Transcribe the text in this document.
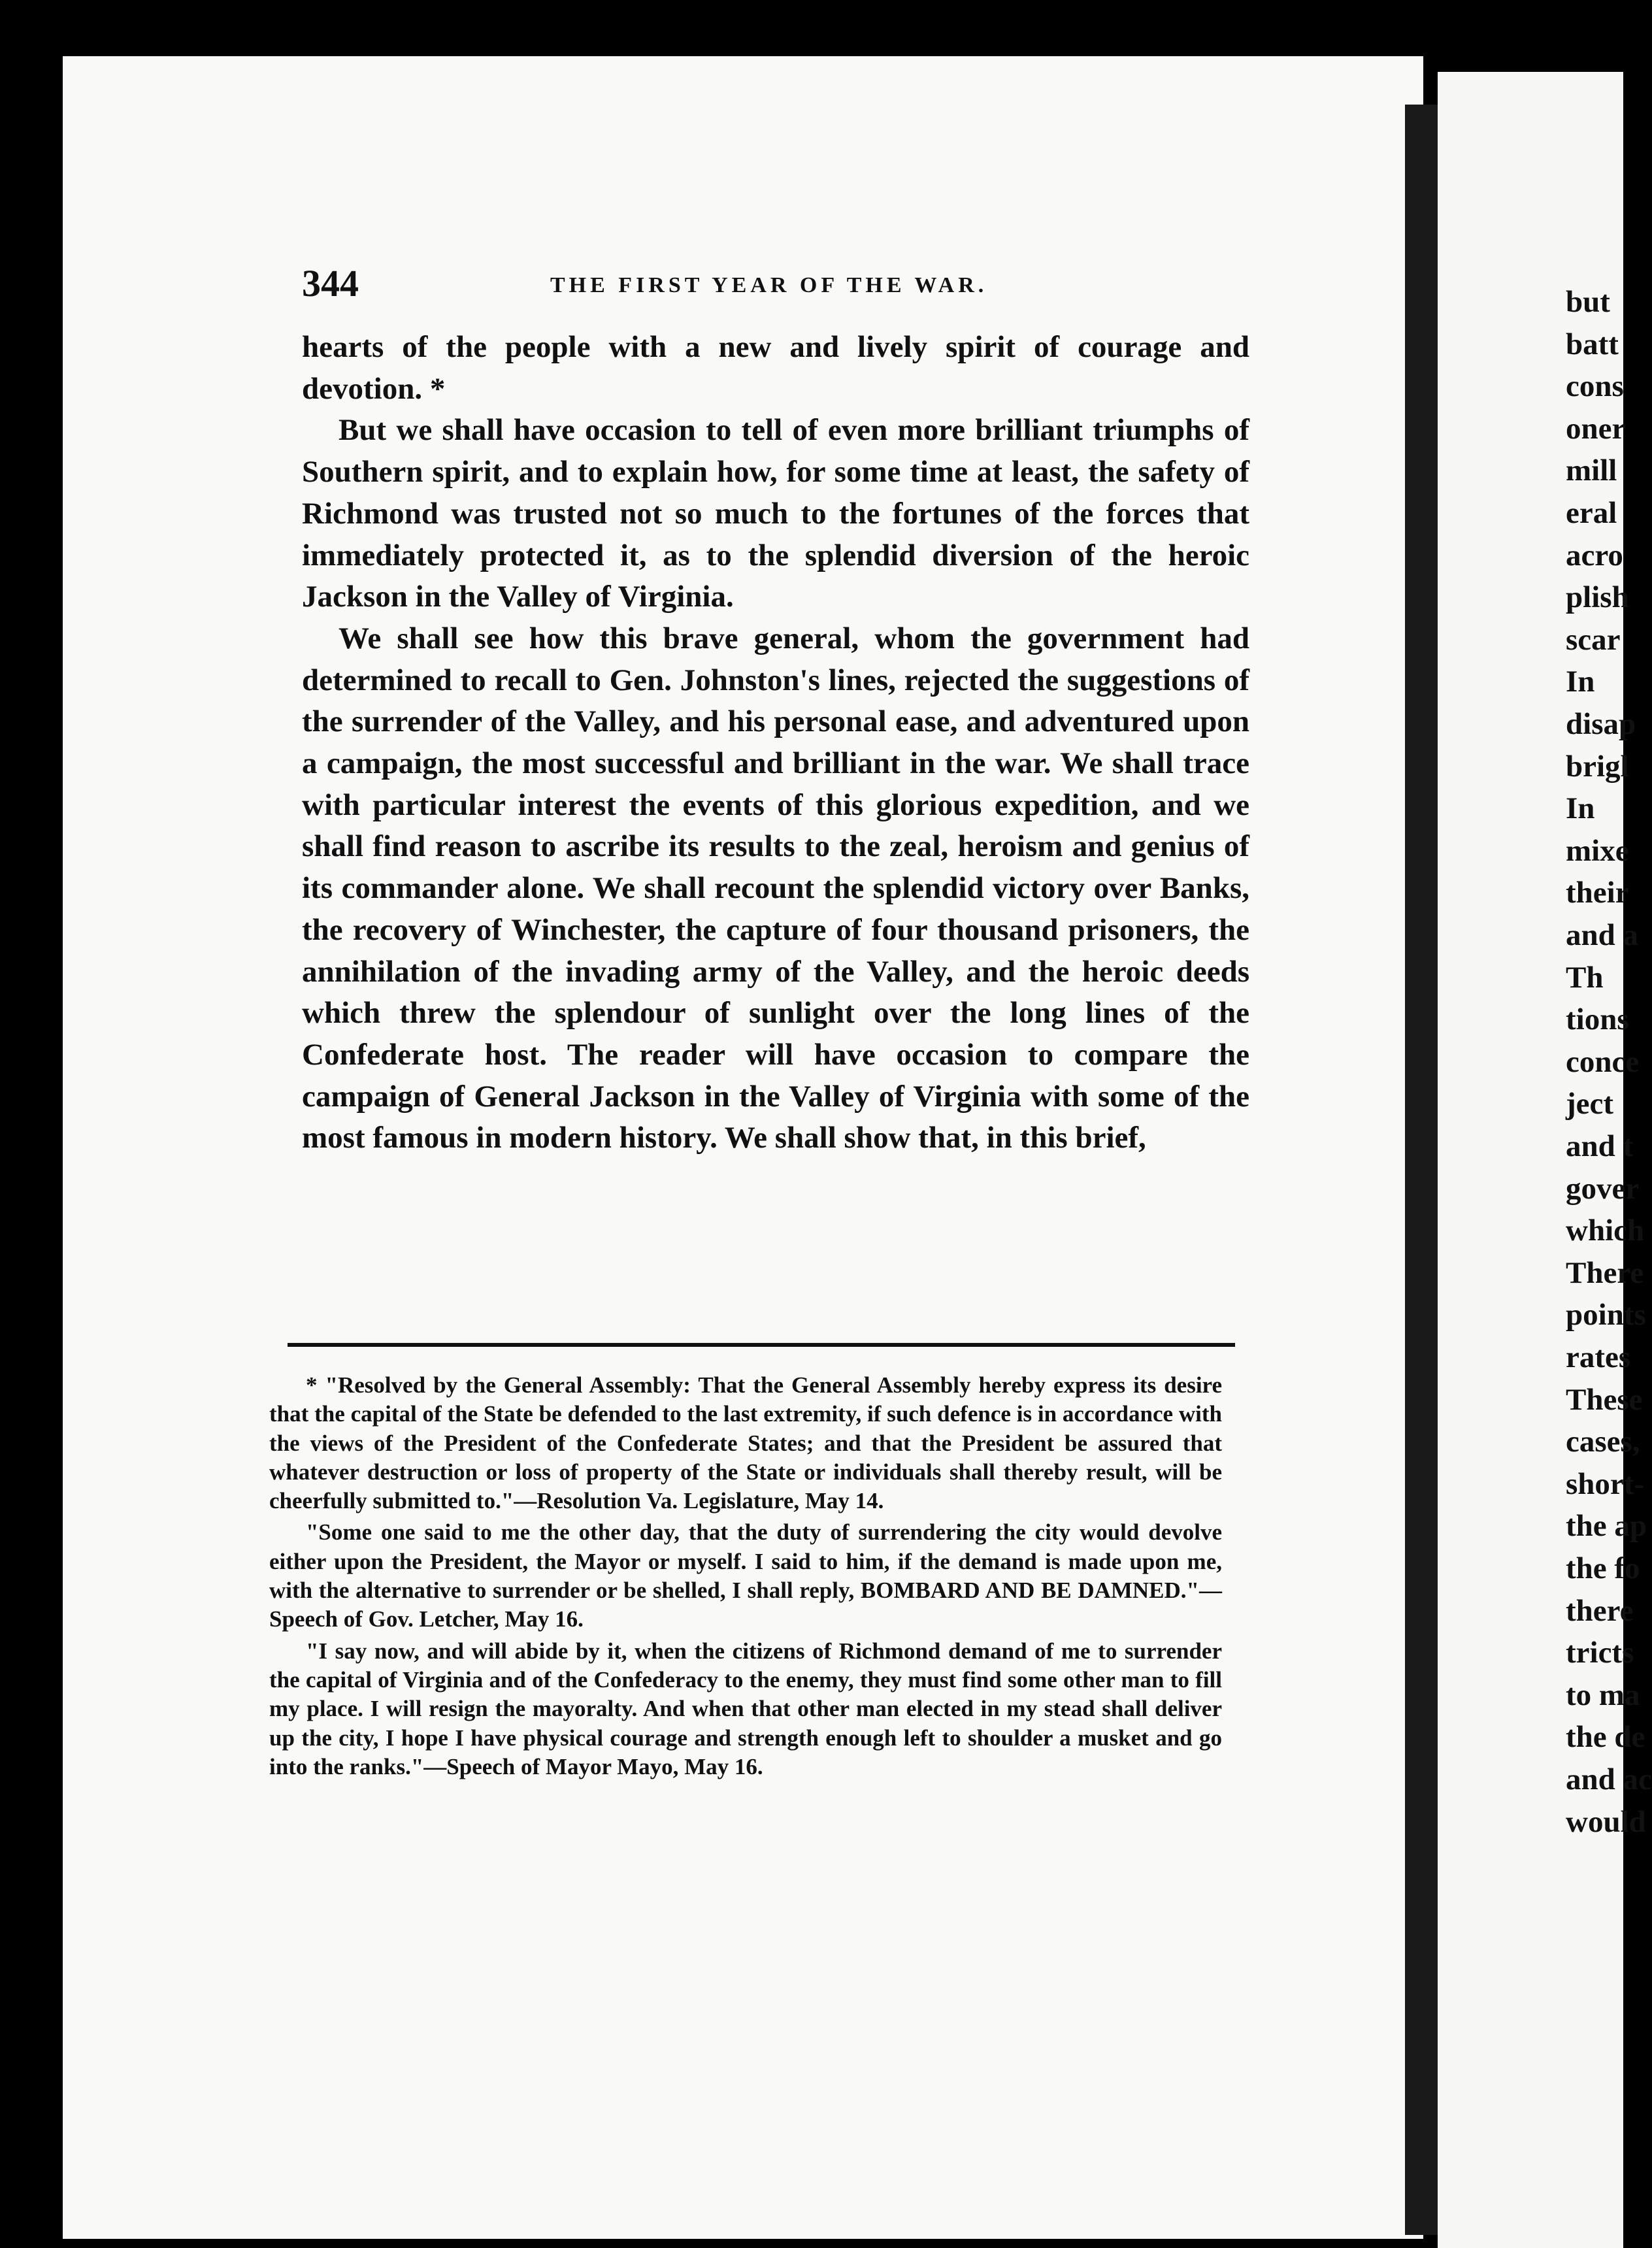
but
batt
cons
oner
mill
eral
acro
plish
scar
In
disap
brigl
In
mixe
their
and a
Th
tions
conce
ject
and t
gover
which
There
points
rates
These
cases,
short-
the ap
the fo
there
tricts
to ma
the de
and ac
would
344	THE FIRST YEAR OF THE WAR.

hearts of the people with a new and lively spirit of courage and devotion. *

But we shall have occasion to tell of even more brilliant triumphs of Southern spirit, and to explain how, for some time at least, the safety of Richmond was trusted not so much to the fortunes of the forces that immediately protected it, as to the splendid diversion of the heroic Jackson in the Valley of Virginia.

We shall see how this brave general, whom the government had determined to recall to Gen. Johnston's lines, rejected the suggestions of the surrender of the Valley, and his personal ease, and adventured upon a campaign, the most successful and brilliant in the war. We shall trace with particular interest the events of this glorious expedition, and we shall find reason to ascribe its results to the zeal, heroism and genius of its commander alone. We shall recount the splendid victory over Banks, the recovery of Winchester, the capture of four thousand prisoners, the annihilation of the invading army of the Valley, and the heroic deeds which threw the splendour of sunlight over the long lines of the Confederate host. The reader will have occasion to compare the campaign of General Jackson in the Valley of Virginia with some of the most famous in modern history. We shall show that, in this brief,

* "Resolved by the General Assembly: That the General Assembly hereby express its desire that the capital of the State be defended to the last extremity, if such defence is in accordance with the views of the President of the Confederate States; and that the President be assured that whatever destruction or loss of property of the State or individuals shall thereby result, will be cheerfully submitted to."—Resolution Va. Legislature, May 14.

"Some one said to me the other day, that the duty of surrendering the city would devolve either upon the President, the Mayor or myself. I said to him, if the demand is made upon me, with the alternative to surrender or be shelled, I shall reply, BOMBARD AND BE DAMNED."—Speech of Gov. Letcher, May 16.

"I say now, and will abide by it, when the citizens of Richmond demand of me to surrender the capital of Virginia and of the Confederacy to the enemy, they must find some other man to fill my place. I will resign the mayoralty. And when that other man elected in my stead shall deliver up the city, I hope I have physical courage and strength enough left to shoulder a musket and go into the ranks."—Speech of Mayor Mayo, May 16.
